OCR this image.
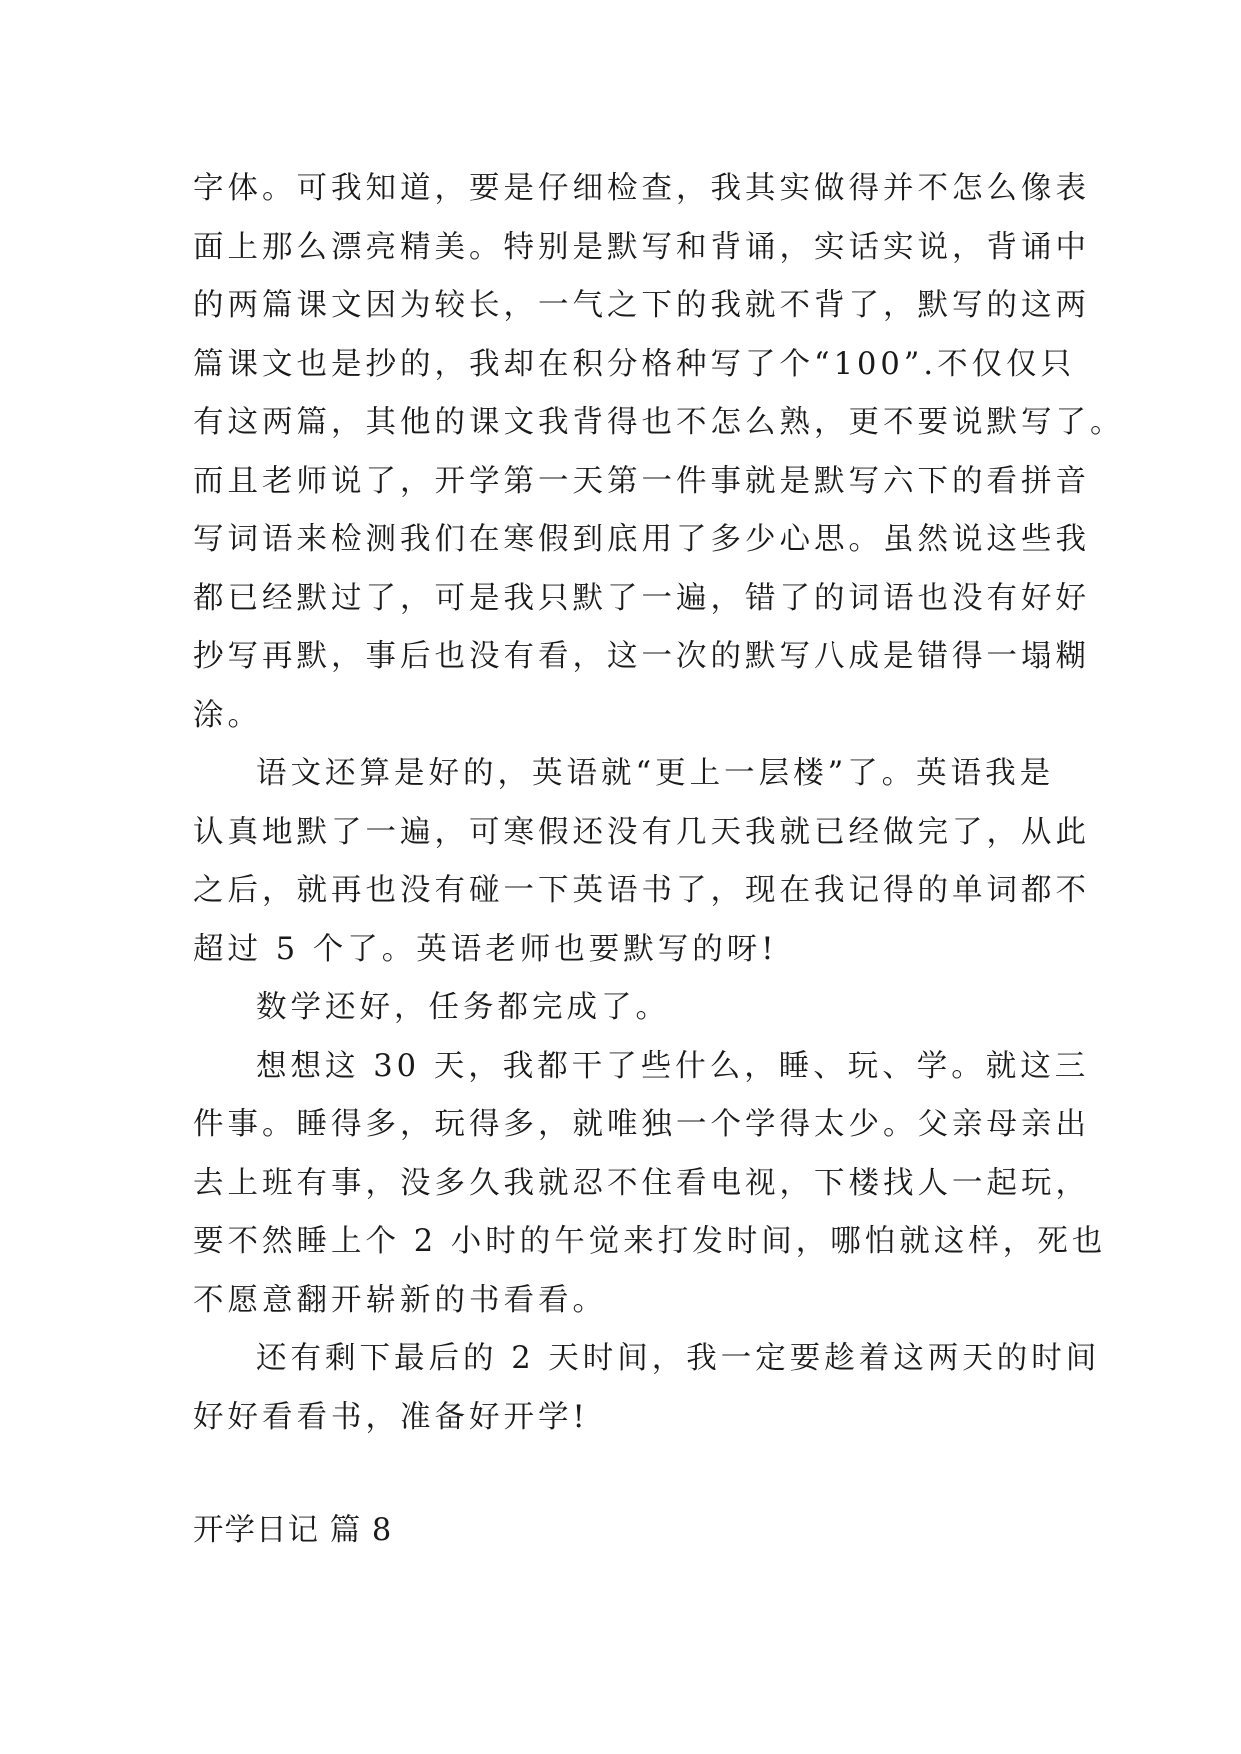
字体。可我知道，要是仔细检查，我其实做得并不怎么像表
面上那么漂亮精美。特别是默写和背诵，实话实说，背诵中
的两篇课文因为较长，一气之下的我就不背了，默写的这两
篇课文也是抄的，我却在积分格种写了个“100”.不仅仅只
有这两篇，其他的课文我背得也不怎么熟，更不要说默写了。
而且老师说了，开学第一天第一件事就是默写六下的看拼音
写词语来检测我们在寒假到底用了多少心思。虽然说这些我
都已经默过了，可是我只默了一遍，错了的词语也没有好好
抄写再默，事后也没有看，这一次的默写八成是错得一塌糊
涂。

语文还算是好的，英语就“更上一层楼”了。英语我是
认真地默了一遍，可寒假还没有几天我就已经做完了，从此
之后，就再也没有碰一下英语书了，现在我记得的单词都不
超过 5 个了。英语老师也要默写的呀!

数学还好，任务都完成了。

想想这 30 天，我都干了些什么，睡、玩、学。就这三
件事。睡得多，玩得多，就唯独一个学得太少。父亲母亲出
去上班有事，没多久我就忍不住看电视，下楼找人一起玩，
要不然睡上个 2 小时的午觉来打发时间，哪怕就这样，死也
不愿意翻开崭新的书看看。

还有剩下最后的 2 天时间，我一定要趁着这两天的时间
好好看看书，准备好开学!

开学日记 篇 8
